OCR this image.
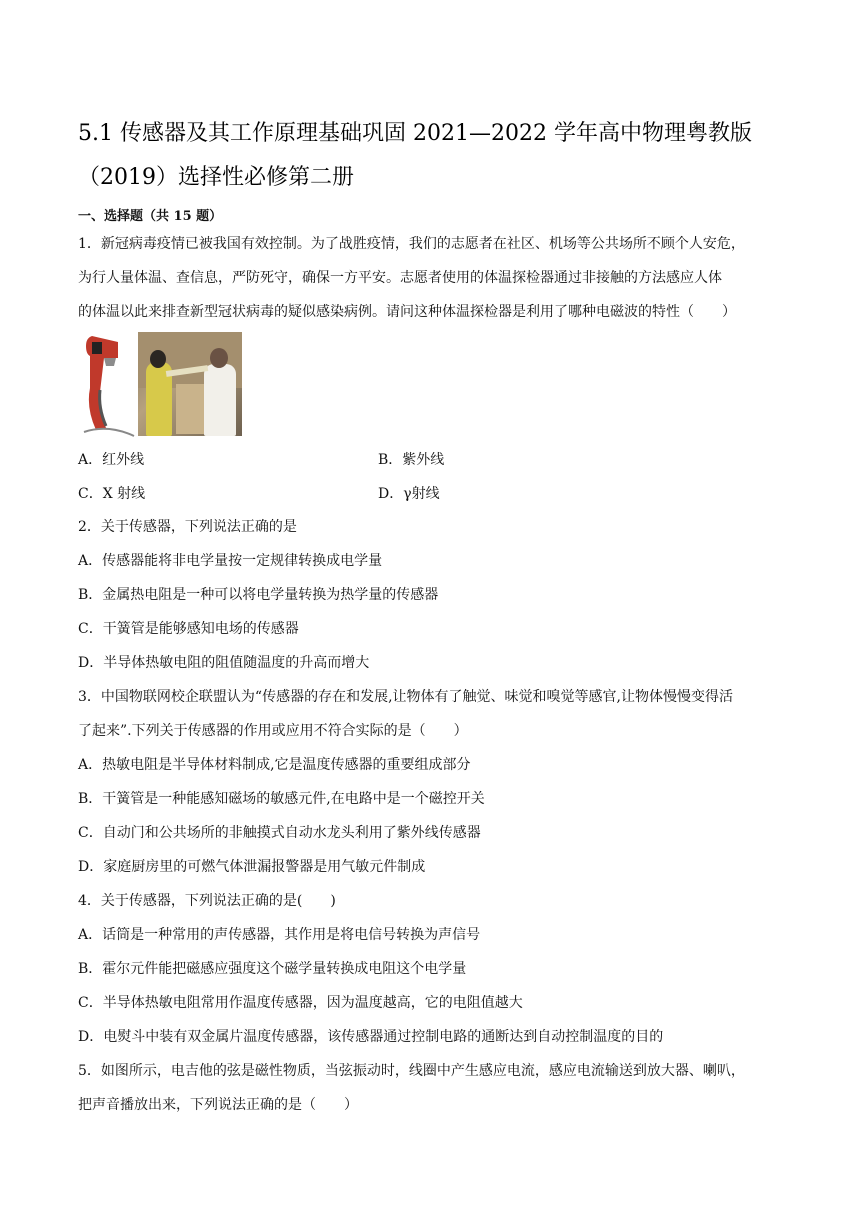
5.1 传感器及其工作原理基础巩固 2021—2022 学年高中物理粤教版（2019）选择性必修第二册
一、选择题（共 15 题）
1．新冠病毒疫情已被我国有效控制。为了战胜疫情，我们的志愿者在社区、机场等公共场所不顾个人安危，
为行人量体温、查信息，严防死守，确保一方平安。志愿者使用的体温探检器通过非接触的方法感应人体
的体温以此来排查新型冠状病毒的疑似感染病例。请问这种体温探检器是利用了哪种电磁波的特性（　　）
A．红外线	B．紫外线
C．X 射线	D．γ射线
2．关于传感器，下列说法正确的是
A．传感器能将非电学量按一定规律转换成电学量
B．金属热电阻是一种可以将电学量转换为热学量的传感器
C．干簧管是能够感知电场的传感器
D．半导体热敏电阻的阻值随温度的升高而增大
3．中国物联网校企联盟认为“传感器的存在和发展,让物体有了触觉、味觉和嗅觉等感官,让物体慢慢变得活
了起来”.下列关于传感器的作用或应用不符合实际的是（　　）
A．热敏电阻是半导体材料制成,它是温度传感器的重要组成部分
B．干簧管是一种能感知磁场的敏感元件,在电路中是一个磁控开关
C．自动门和公共场所的非触摸式自动水龙头利用了紫外线传感器
D．家庭厨房里的可燃气体泄漏报警器是用气敏元件制成
4．关于传感器，下列说法正确的是(　　)
A．话筒是一种常用的声传感器，其作用是将电信号转换为声信号
B．霍尔元件能把磁感应强度这个磁学量转换成电阻这个电学量
C．半导体热敏电阻常用作温度传感器，因为温度越高，它的电阻值越大
D．电熨斗中装有双金属片温度传感器，该传感器通过控制电路的通断达到自动控制温度的目的
5．如图所示，电吉他的弦是磁性物质，当弦振动时，线圈中产生感应电流，感应电流输送到放大器、喇叭，
把声音播放出来，下列说法正确的是（　　）
